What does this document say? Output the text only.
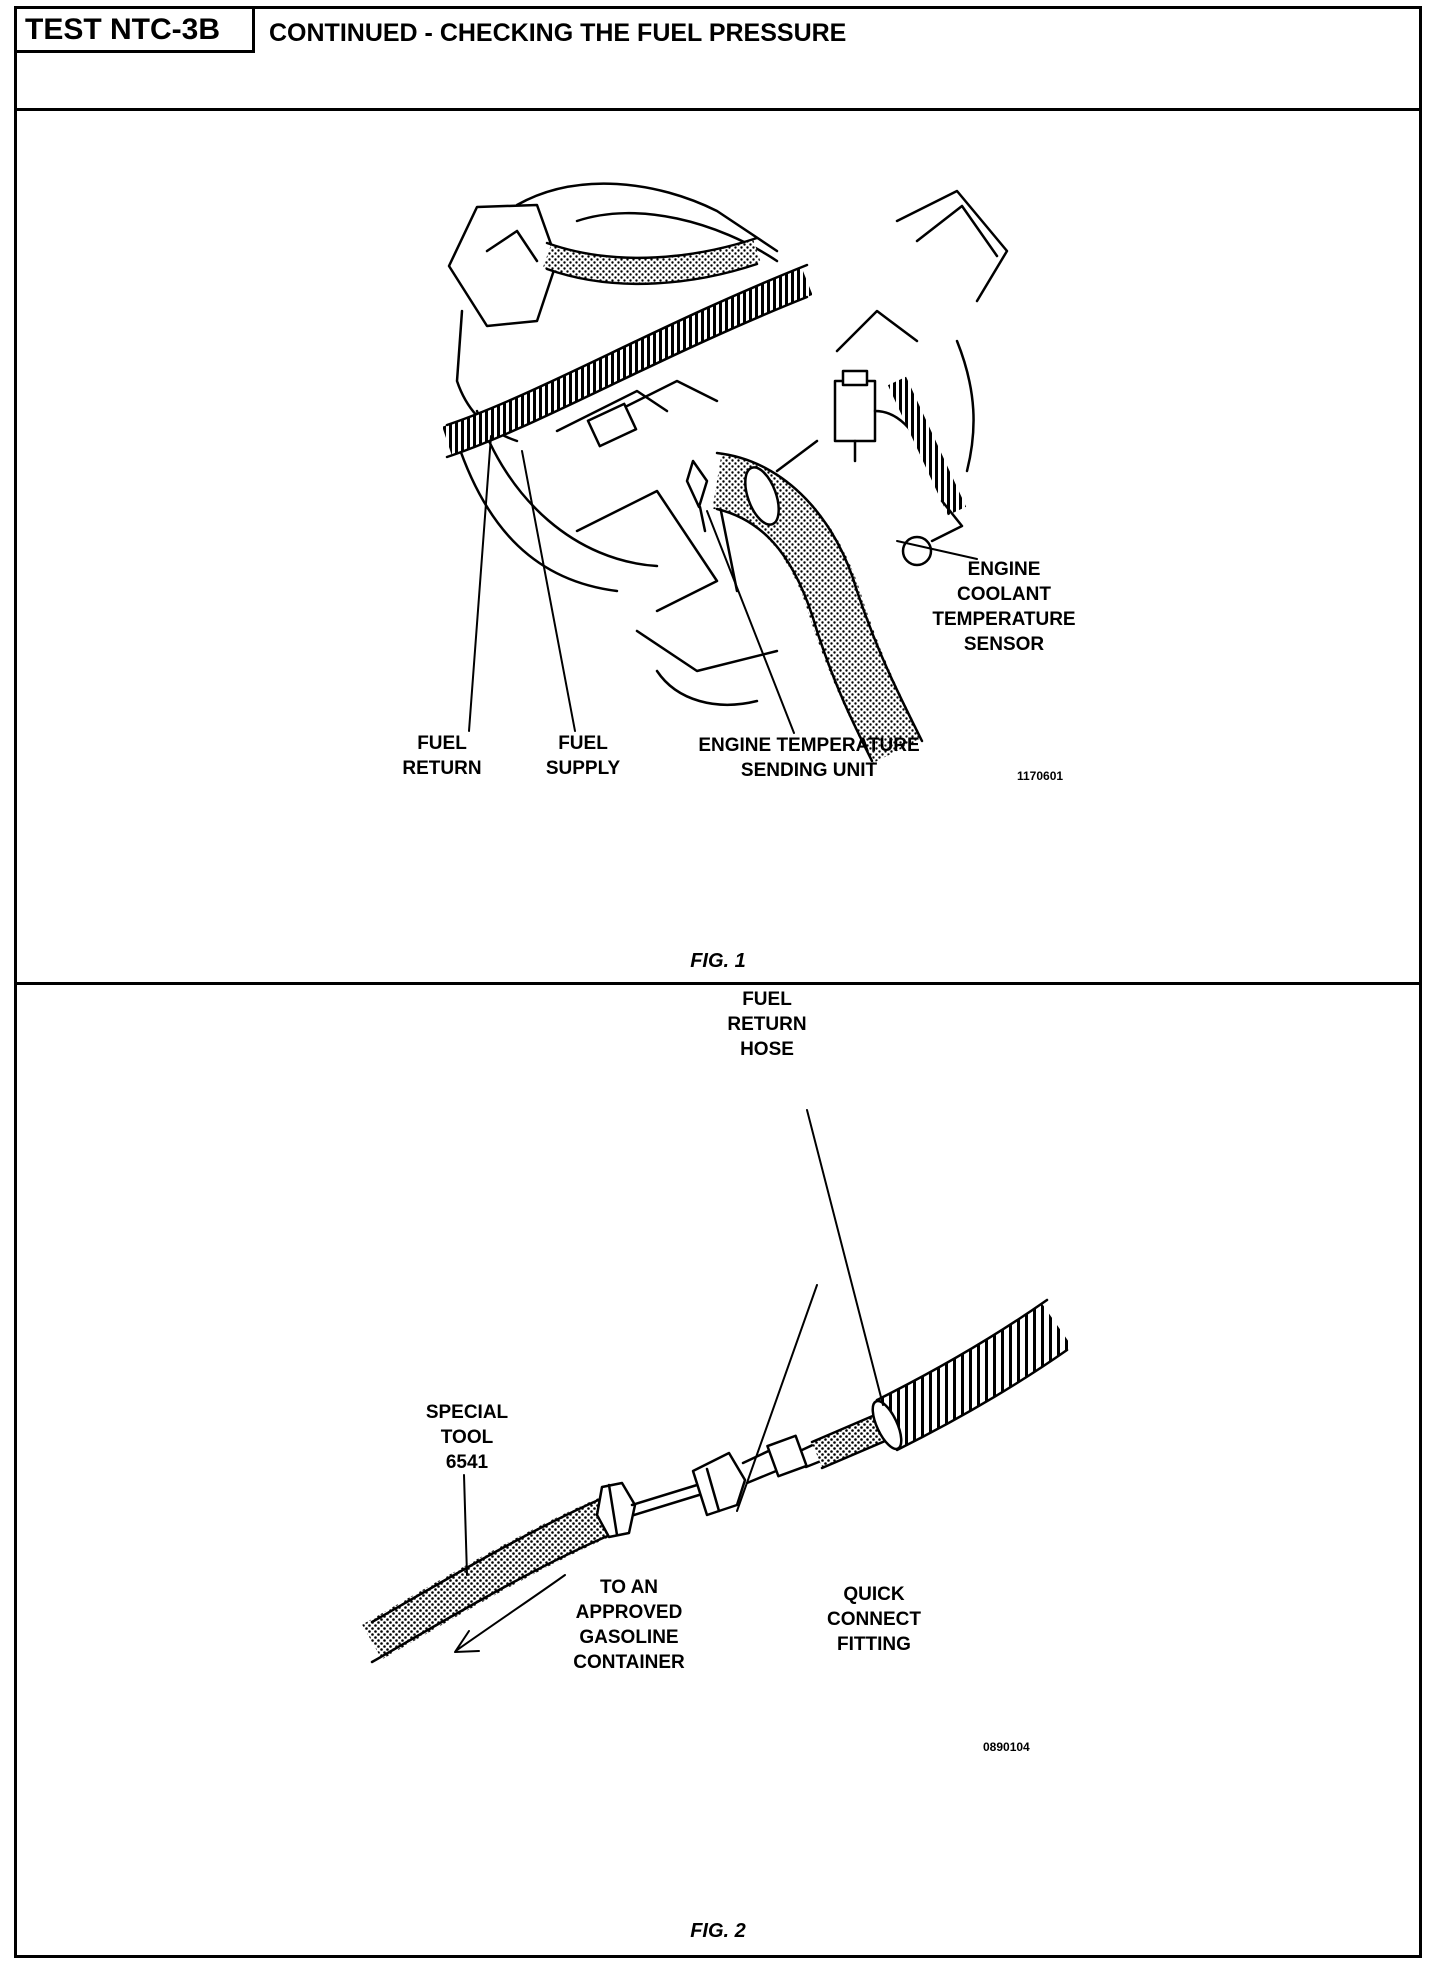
TEST NTC-3B	CONTINUED - CHECKING THE FUEL PRESSURE
FUEL
RETURN
FUEL
SUPPLY
ENGINE TEMPERATURE
SENDING UNIT
ENGINE
COOLANT
TEMPERATURE
SENSOR
1170601
FIG. 1
FUEL
RETURN
HOSE
SPECIAL
TOOL
6541
TO AN
APPROVED
GASOLINE
CONTAINER
QUICK
CONNECT
FITTING
0890104
FIG. 2
